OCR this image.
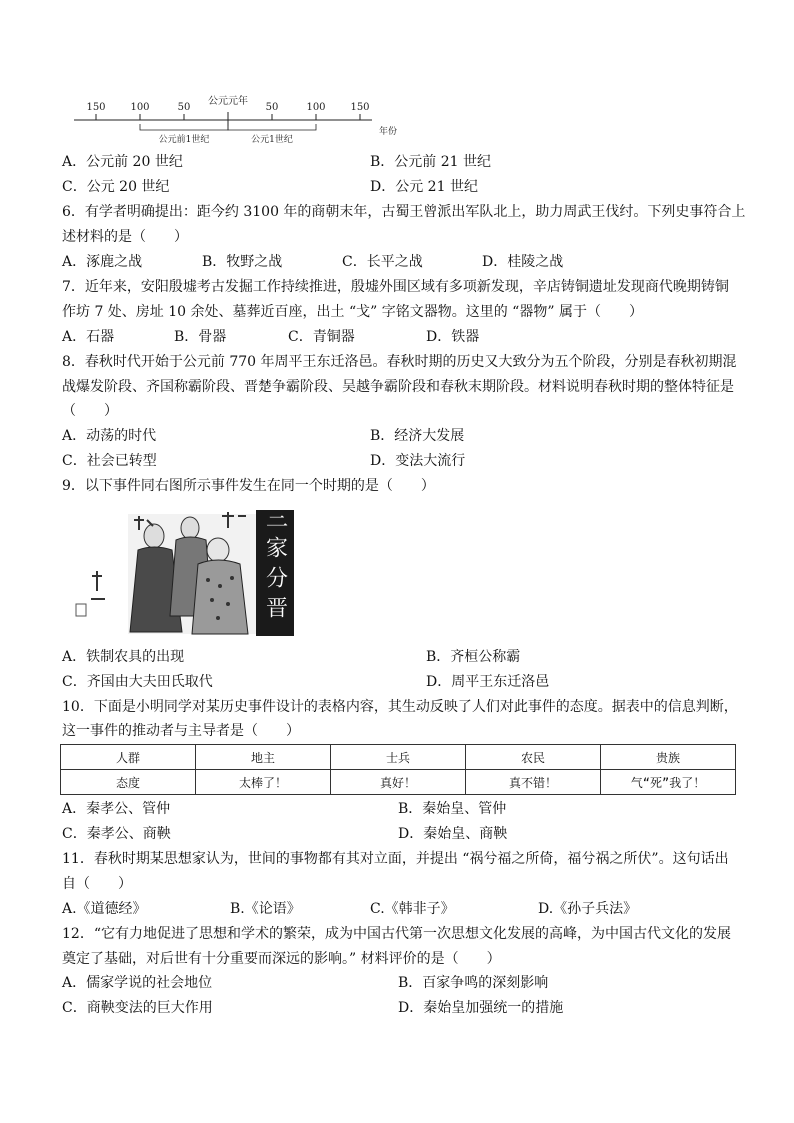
150 100	50
公元元年
50	100 150
公元前1世纪	公元1世纪
年份
A．公元前 20 世纪	B．公元前 21 世纪
C．公元 20 世纪	D．公元 21 世纪
6．有学者明确提出：距今约 3100 年的商朝末年，古蜀王曾派出军队北上，助力周武王伐纣。下列史事符合上
述材料的是（　　）
A．涿鹿之战	B．牧野之战	C．长平之战	D．桂陵之战
7．近年来，安阳殷墟考古发掘工作持续推进，殷墟外围区域有多项新发现，辛店铸铜遗址发现商代晚期铸铜
作坊 7 处、房址 10 余处、墓葬近百座，出土 “戈” 字铭文器物。这里的 “器物” 属于（　　）
A．石器	B．骨器	C．青铜器	D．铁器
8．春秋时代开始于公元前 770 年周平王东迁洛邑。春秋时期的历史又大致分为五个阶段，分别是春秋初期混
战爆发阶段、齐国称霸阶段、晋楚争霸阶段、吴越争霸阶段和春秋末期阶段。材料说明春秋时期的整体特征是
（　　）
A．动荡的时代	B．经济大发展
C．社会已转型	D．变法大流行
9．以下事件同右图所示事件发生在同一个时期的是（　　）
三家分晋
A．铁制农具的出现	B．齐桓公称霸
C．齐国由大夫田氏取代	D．周平王东迁洛邑
10．下面是小明同学对某历史事件设计的表格内容，其生动反映了人们对此事件的态度。据表中的信息判断，
这一事件的推动者与主导者是（　　）
人群	地主	士兵	农民	贵族
态度	太棒了！	真好！	真不错！	气“死”我了！
A．秦孝公、管仲	B．秦始皇、管仲
C．秦孝公、商鞅	D．秦始皇、商鞅
11．春秋时期某思想家认为，世间的事物都有其对立面，并提出 “祸兮福之所倚，福兮祸之所伏”。这句话出
自（　　）
A.《道德经》	B.《论语》	C.《韩非子》	D.《孙子兵法》
12．“它有力地促进了思想和学术的繁荣，成为中国古代第一次思想文化发展的高峰，为中国古代文化的发展
奠定了基础，对后世有十分重要而深远的影响。” 材料评价的是（　　）
A．儒家学说的社会地位	B．百家争鸣的深刻影响
C．商鞅变法的巨大作用	D．秦始皇加强统一的措施
